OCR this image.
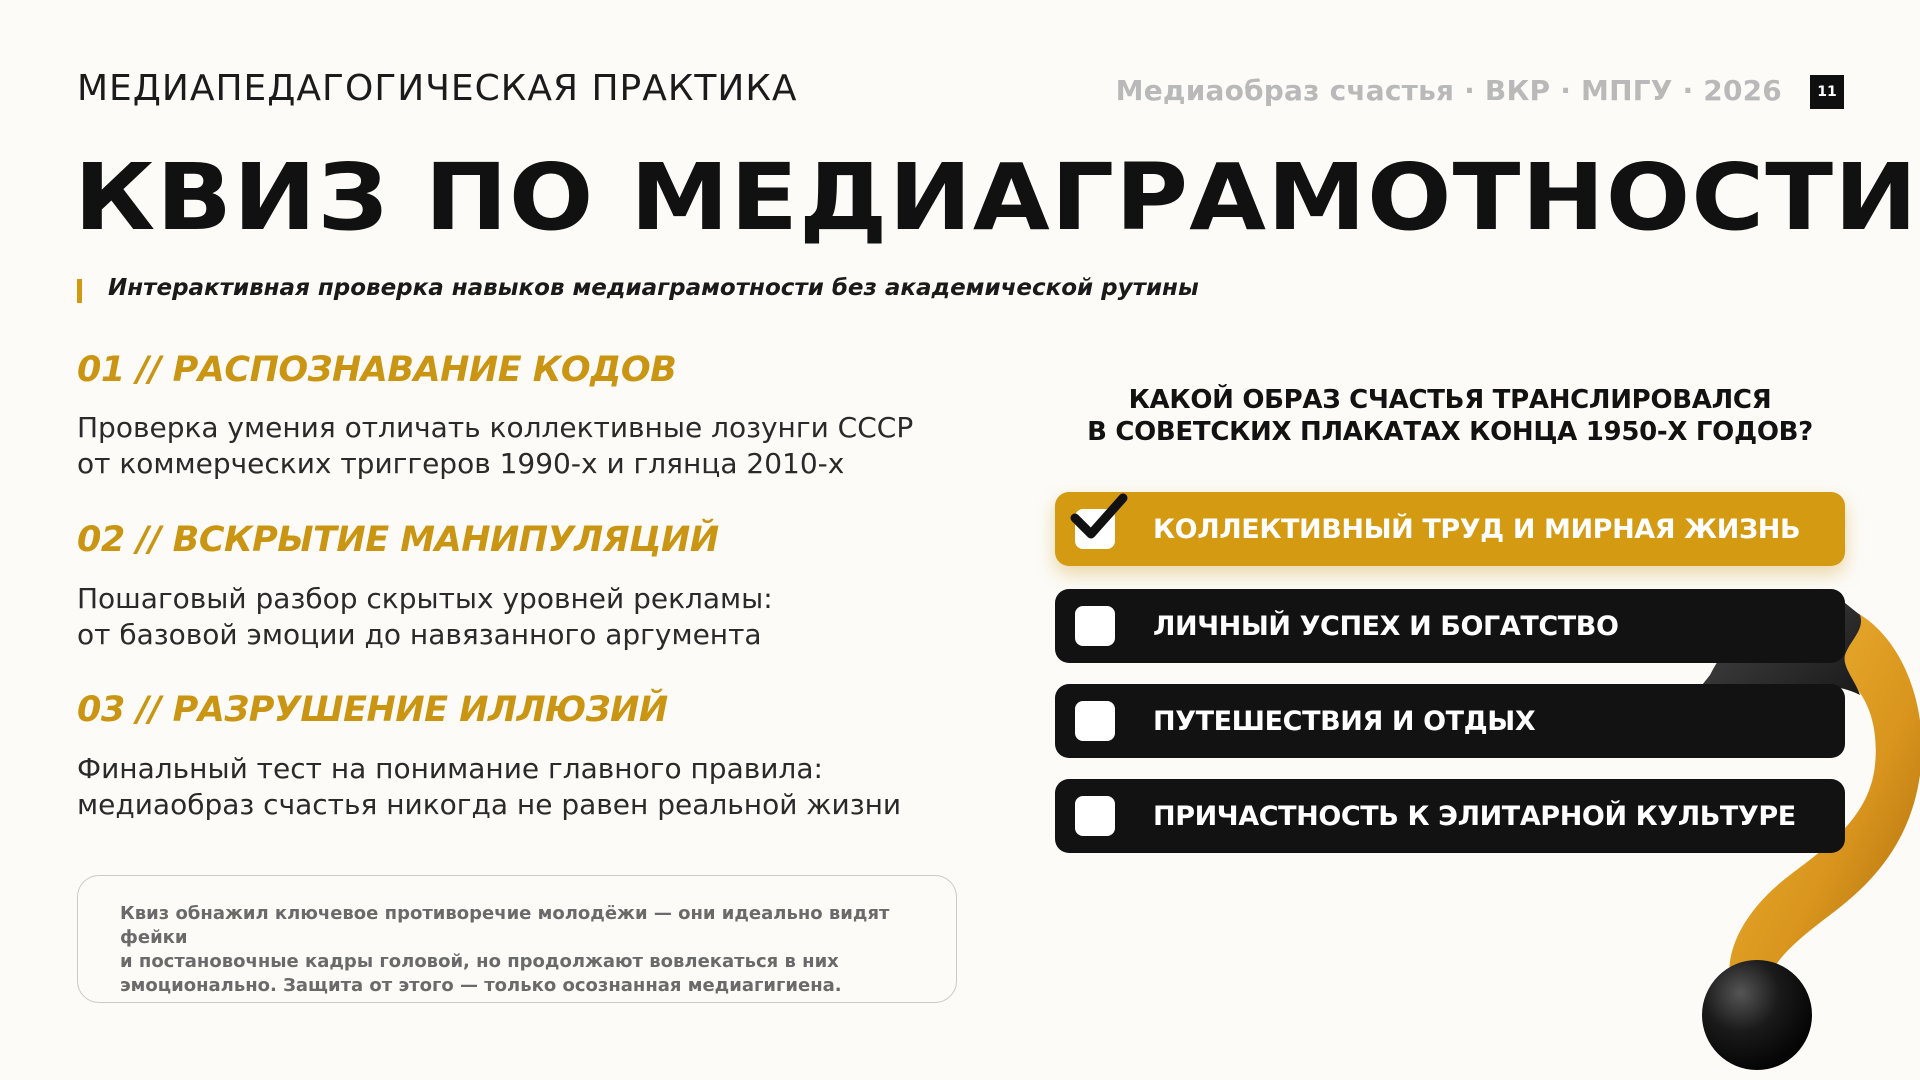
МЕДИАПЕДАГОГИЧЕСКАЯ ПРАКТИКА	Медиаобраз счастья · ВКР · МПГУ · 2026	11
КВИЗ ПО МЕДИАГРАМОТНОСТИ
Интерактивная проверка навыков медиаграмотности без академической рутины
01 // РАСПОЗНАВАНИЕ КОДОВ
Проверка умения отличать коллективные лозунги СССР
от коммерческих триггеров 1990-х и глянца 2010-х
02 // ВСКРЫТИЕ МАНИПУЛЯЦИЙ
Пошаговый разбор скрытых уровней рекламы:
от базовой эмоции до навязанного аргумента
03 // РАЗРУШЕНИЕ ИЛЛЮЗИЙ
Финальный тест на понимание главного правила:
медиаобраз счастья никогда не равен реальной жизни
Квиз обнажил ключевое противоречие молодёжи — они идеально видят фейки
и постановочные кадры головой, но продолжают вовлекаться в них
эмоционально. Защита от этого — только осознанная медиагигиена.
КАКОЙ ОБРАЗ СЧАСТЬЯ ТРАНСЛИРОВАЛСЯ
В СОВЕТСКИХ ПЛАКАТАХ КОНЦА 1950-Х ГОДОВ?
КОЛЛЕКТИВНЫЙ ТРУД И МИРНАЯ ЖИЗНЬ
ЛИЧНЫЙ УСПЕХ И БОГАТСТВО
ПУТЕШЕСТВИЯ И ОТДЫХ
ПРИЧАСТНОСТЬ К ЭЛИТАРНОЙ КУЛЬТУРЕ
